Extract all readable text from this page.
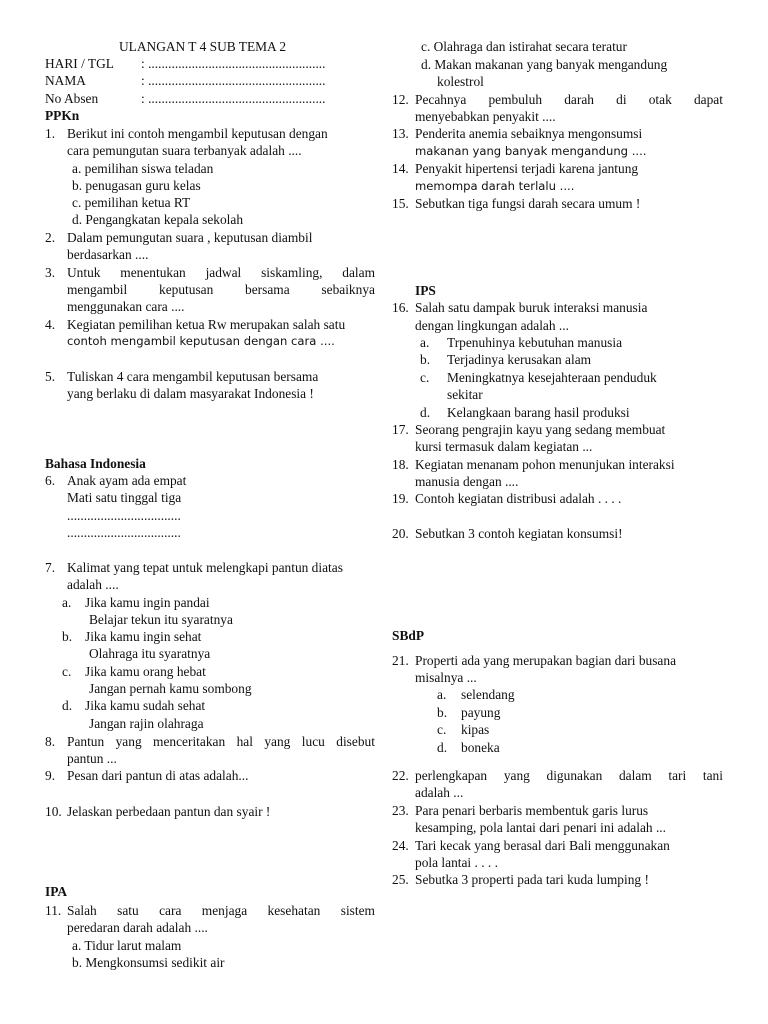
ULANGAN T 4 SUB TEMA 2
HARI / TGL : .....................................................
NAMA	: .....................................................
No Absen	: .....................................................
PPKn
1. Berikut ini contoh mengambil keputusan dengan
cara pemungutan suara terbanyak adalah ....
a. pemilihan siswa teladan
b. penugasan guru kelas
c. pemilihan ketua RT
d. Pengangkatan kepala sekolah
2. Dalam pemungutan suara , keputusan diambil
berdasarkan ....
3. Untuk menentukan jadwal siskamling, dalam
mengambil keputusan bersama sebaiknya
menggunakan cara ....
4. Kegiatan pemilihan ketua Rw merupakan salah satu
contoh mengambil keputusan dengan cara ....
5. Tuliskan 4 cara mengambil keputusan bersama
yang berlaku di dalam masyarakat Indonesia !
Bahasa Indonesia
6. Anak ayam ada empat
Mati satu tinggal tiga
..................................
..................................
7. Kalimat yang tepat untuk melengkapi pantun diatas
adalah ....
a. Jika kamu ingin pandai
Belajar tekun itu syaratnya
b. Jika kamu ingin sehat
Olahraga itu syaratnya
c. Jika kamu orang hebat
Jangan pernah kamu sombong
d. Jika kamu sudah sehat
Jangan rajin olahraga
8. Pantun yang menceritakan hal yang lucu disebut
pantun ...
9. Pesan dari pantun di atas adalah...
10. Jelaskan perbedaan pantun dan syair !
IPA
11. Salah satu cara menjaga kesehatan sistem
peredaran darah adalah ....
a. Tidur larut malam
b. Mengkonsumsi sedikit air
c. Olahraga dan istirahat secara teratur
d. Makan makanan yang banyak mengandung
kolestrol
12. Pecahnya pembuluh darah di otak dapat
menyebabkan penyakit ....
13. Penderita anemia sebaiknya mengonsumsi
makanan yang banyak mengandung ....
14. Penyakit hipertensi terjadi karena jantung
memompa darah terlalu ....
15. Sebutkan tiga fungsi darah secara umum !
IPS
16. Salah satu dampak buruk interaksi manusia
dengan lingkungan adalah ...
a. Trpenuhinya kebutuhan manusia
b. Terjadinya kerusakan alam
c. Meningkatnya kesejahteraan penduduk
sekitar
d. Kelangkaan barang hasil produksi
17. Seorang pengrajin kayu yang sedang membuat
kursi termasuk dalam kegiatan ...
18. Kegiatan menanam pohon menunjukan interaksi
manusia dengan ....
19. Contoh kegiatan distribusi adalah . . . .
20. Sebutkan 3 contoh kegiatan konsumsi!
SBdP
21. Properti ada yang merupakan bagian dari busana
misalnya ...
a. selendang
b. payung
c. kipas
d. boneka
22. perlengkapan yang digunakan dalam tari tani
adalah ...
23. Para penari berbaris membentuk garis lurus
kesamping, pola lantai dari penari ini adalah ...
24. Tari kecak yang berasal dari Bali menggunakan
pola lantai . . . .
25. Sebutka 3 properti pada tari kuda lumping !
